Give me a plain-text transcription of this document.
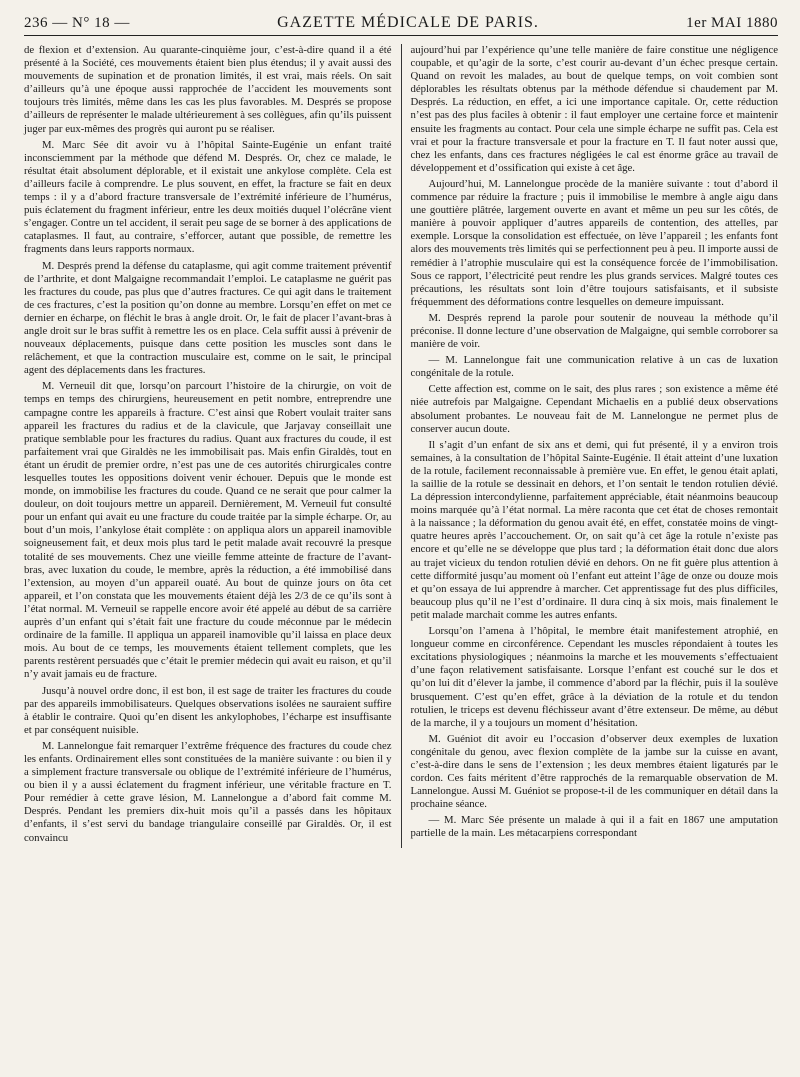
236 — N° 18 —	GAZETTE MÉDICALE DE PARIS.	1er MAI 1880

de flexion et d’extension. Au quarante-cinquième jour, c’est-à-dire quand il a été présenté à la Société, ces mouvements étaient bien plus étendus; il y avait aussi des mouvements de supination et de pronation limités, il est vrai, mais réels. On sait d’ailleurs qu’à une époque aussi rapprochée de l’accident les mouvements sont toujours très limités, même dans les cas les plus favorables. M. Després se propose d’ailleurs de représenter le malade ultérieurement à ses collègues, afin qu’ils puissent juger par eux-mêmes des progrès qui auront pu se réaliser.

M. Marc Sée dit avoir vu à l’hôpital Sainte-Eugénie un enfant traité inconsciemment par la méthode que défend M. Després. Or, chez ce malade, le résultat était absolument déplorable, et il existait une ankylose complète. Cela est d’ailleurs facile à comprendre. Le plus souvent, en effet, la fracture se fait en deux temps : il y a d’abord fracture transversale de l’extrémité inférieure de l’humérus, puis éclatement du fragment inférieur, entre les deux moitiés duquel l’olécrâne vient s’engager. Contre un tel accident, il serait peu sage de se borner à des applications de cataplasmes. Il faut, au contraire, s’efforcer, autant que possible, de remettre les fragments dans leurs rapports normaux.

M. Després prend la défense du cataplasme, qui agit comme traitement préventif de l’arthrite, et dont Malgaigne recommandait l’emploi. Le cataplasme ne guérit pas les fractures du coude, pas plus que d’autres fractures. Ce qui agit dans le traitement de ces fractures, c’est la position qu’on donne au membre. Lorsqu’en effet on met ce dernier en écharpe, on fléchit le bras à angle droit. Or, le fait de placer l’avant-bras à angle droit sur le bras suffit à remettre les os en place. Cela suffit aussi à prévenir de nouveaux déplacements, puisque dans cette position les muscles sont dans le relâchement, et que la contraction musculaire est, comme on le sait, le principal agent des déplacements dans les fractures.

M. Verneuil dit que, lorsqu’on parcourt l’histoire de la chirurgie, on voit de temps en temps des chirurgiens, heureusement en petit nombre, entreprendre une campagne contre les appareils à fracture. C’est ainsi que Robert voulait traiter sans appareil les fractures du radius et de la clavicule, que Jarjavay conseillait une pratique semblable pour les fractures du radius. Quant aux fractures du coude, il est parfaitement vrai que Giraldès ne les immobilisait pas. Mais enfin Giraldès, tout en étant un érudit de premier ordre, n’est pas une de ces autorités chirurgicales contre lesquelles toutes les oppositions doivent venir échouer. Depuis que le monde est monde, on immobilise les fractures du coude. Quand ce ne serait que pour calmer la douleur, on doit toujours mettre un appareil. Dernièrement, M. Verneuil fut consulté pour un enfant qui avait eu une fracture du coude traitée par la simple écharpe. Or, au bout d’un mois, l’ankylose était complète : on appliqua alors un appareil inamovible soigneusement fait, et deux mois plus tard le petit malade avait recouvré la presque totalité de ses mouvements. Chez une vieille femme atteinte de fracture de l’avant-bras, avec luxation du coude, le membre, après la réduction, a été immobilisé dans l’extension, au moyen d’un appareil ouaté. Au bout de quinze jours on ôta cet appareil, et l’on constata que les mouvements étaient déjà les 2/3 de ce qu’ils sont à l’état normal. M. Verneuil se rappelle encore avoir été appelé au début de sa carrière auprès d’un enfant qui s’était fait une fracture du coude méconnue par le médecin ordinaire de la famille. Il appliqua un appareil inamovible qu’il laissa en place deux mois. Au bout de ce temps, les mouvements étaient tellement complets, que les parents restèrent persuadés que c’était le premier médecin qui avait eu raison, et qu’il n’y avait jamais eu de fracture.

Jusqu’à nouvel ordre donc, il est bon, il est sage de traiter les fractures du coude par des appareils immobilisateurs. Quelques observations isolées ne sauraient suffire à établir le contraire. Quoi qu’en disent les ankylophobes, l’écharpe est insuffisante et par conséquent nuisible.

M. Lannelongue fait remarquer l’extrême fréquence des fractures du coude chez les enfants. Ordinairement elles sont constituées de la manière suivante : ou bien il y a simplement fracture transversale ou oblique de l’extrémité inférieure de l’humérus, ou bien il y a aussi éclatement du fragment inférieur, une véritable fracture en T. Pour remédier à cette grave lésion, M. Lannelongue a d’abord fait comme M. Després. Pendant les premiers dix-huit mois qu’il a passés dans les hôpitaux d’enfants, il s’est servi du bandage triangulaire conseillé par Giraldès. Or, il est convaincu

aujourd’hui par l’expérience qu’une telle manière de faire constitue une négligence coupable, et qu’agir de la sorte, c’est courir au-devant d’un échec presque certain. Quand on revoit les malades, au bout de quelque temps, on voit combien sont déplorables les résultats obtenus par la méthode défendue si chaudement par M. Després. La réduction, en effet, a ici une importance capitale. Or, cette réduction n’est pas des plus faciles à obtenir : il faut employer une certaine force et maintenir ensuite les fragments au contact. Pour cela une simple écharpe ne suffit pas. Cela est vrai et pour la fracture transversale et pour la fracture en T. Il faut noter aussi que, chez les enfants, dans ces fractures négligées le cal est énorme grâce au travail de développement et d’ossification qui existe à cet âge.

Aujourd’hui, M. Lannelongue procède de la manière suivante : tout d’abord il commence par réduire la fracture ; puis il immobilise le membre à angle aigu dans une gouttière plâtrée, largement ouverte en avant et même un peu sur les côtés, de manière à pouvoir appliquer d’autres appareils de contention, des attelles, par exemple. Lorsque la consolidation est effectuée, on lève l’appareil ; les enfants font alors des mouvements très limités qui se perfectionnent peu à peu. Il importe aussi de remédier à l’atrophie musculaire qui est la conséquence forcée de l’immobilisation. Sous ce rapport, l’électricité peut rendre les plus grands services. Malgré toutes ces précautions, les résultats sont loin d’être toujours satisfaisants, et il subsiste fréquemment des déformations contre lesquelles on demeure impuissant.

M. Després reprend la parole pour soutenir de nouveau la méthode qu’il préconise. Il donne lecture d’une observation de Malgaigne, qui semble corroborer sa manière de voir.

— M. Lannelongue fait une communication relative à un cas de luxation congénitale de la rotule.

Cette affection est, comme on le sait, des plus rares ; son existence a même été niée autrefois par Malgaigne. Cependant Michaelis en a publié deux observations absolument probantes. Le nouveau fait de M. Lannelongue ne permet plus de conserver aucun doute.

Il s’agit d’un enfant de six ans et demi, qui fut présenté, il y a environ trois semaines, à la consultation de l’hôpital Sainte-Eugénie. Il était atteint d’une luxation de la rotule, facilement reconnaissable à première vue. En effet, le genou était aplati, la saillie de la rotule se dessinait en dehors, et l’on sentait le tendon rotulien dévié. La dépression intercondylienne, parfaitement appréciable, était néanmoins beaucoup moins marquée qu’à l’état normal. La mère raconta que cet état de choses remontait à la naissance ; la déformation du genou avait été, en effet, constatée moins de vingt-quatre heures après l’accouchement. Or, on sait qu’à cet âge la rotule n’existe pas encore et qu’elle ne se développe que plus tard ; la déformation était donc due alors au trajet vicieux du tendon rotulien dévié en dehors. On ne fit guère plus attention à cette difformité jusqu’au moment où l’enfant eut atteint l’âge de onze ou douze mois et qu’on essaya de lui apprendre à marcher. Cet apprentissage fut des plus difficiles, beaucoup plus qu’il ne l’est d’ordinaire. Il dura cinq à six mois, mais finalement le petit malade marchait comme les autres enfants.

Lorsqu’on l’amena à l’hôpital, le membre était manifestement atrophié, en longueur comme en circonférence. Cependant les muscles répondaient à toutes les excitations physiologiques ; néanmoins la marche et les mouvements s’effectuaient d’une façon relativement satisfaisante. Lorsque l’enfant est couché sur le dos et qu’on lui dit d’élever la jambe, il commence d’abord par la fléchir, puis il la soulève brusquement. C’est qu’en effet, grâce à la déviation de la rotule et du tendon rotulien, le triceps est devenu fléchisseur avant d’être extenseur. De même, au début de la marche, il y a toujours un moment d’hésitation.

M. Guéniot dit avoir eu l’occasion d’observer deux exemples de luxation congénitale du genou, avec flexion complète de la jambe sur la cuisse en avant, c’est-à-dire dans le sens de l’extension ; les deux membres étaient ligaturés par le cordon. Ces faits méritent d’être rapprochés de la remarquable observation de M. Lannelongue. Aussi M. Guéniot se propose-t-il de les communiquer en détail dans la prochaine séance.

— M. Marc Sée présente un malade à qui il a fait en 1867 une amputation partielle de la main. Les métacarpiens correspondant
